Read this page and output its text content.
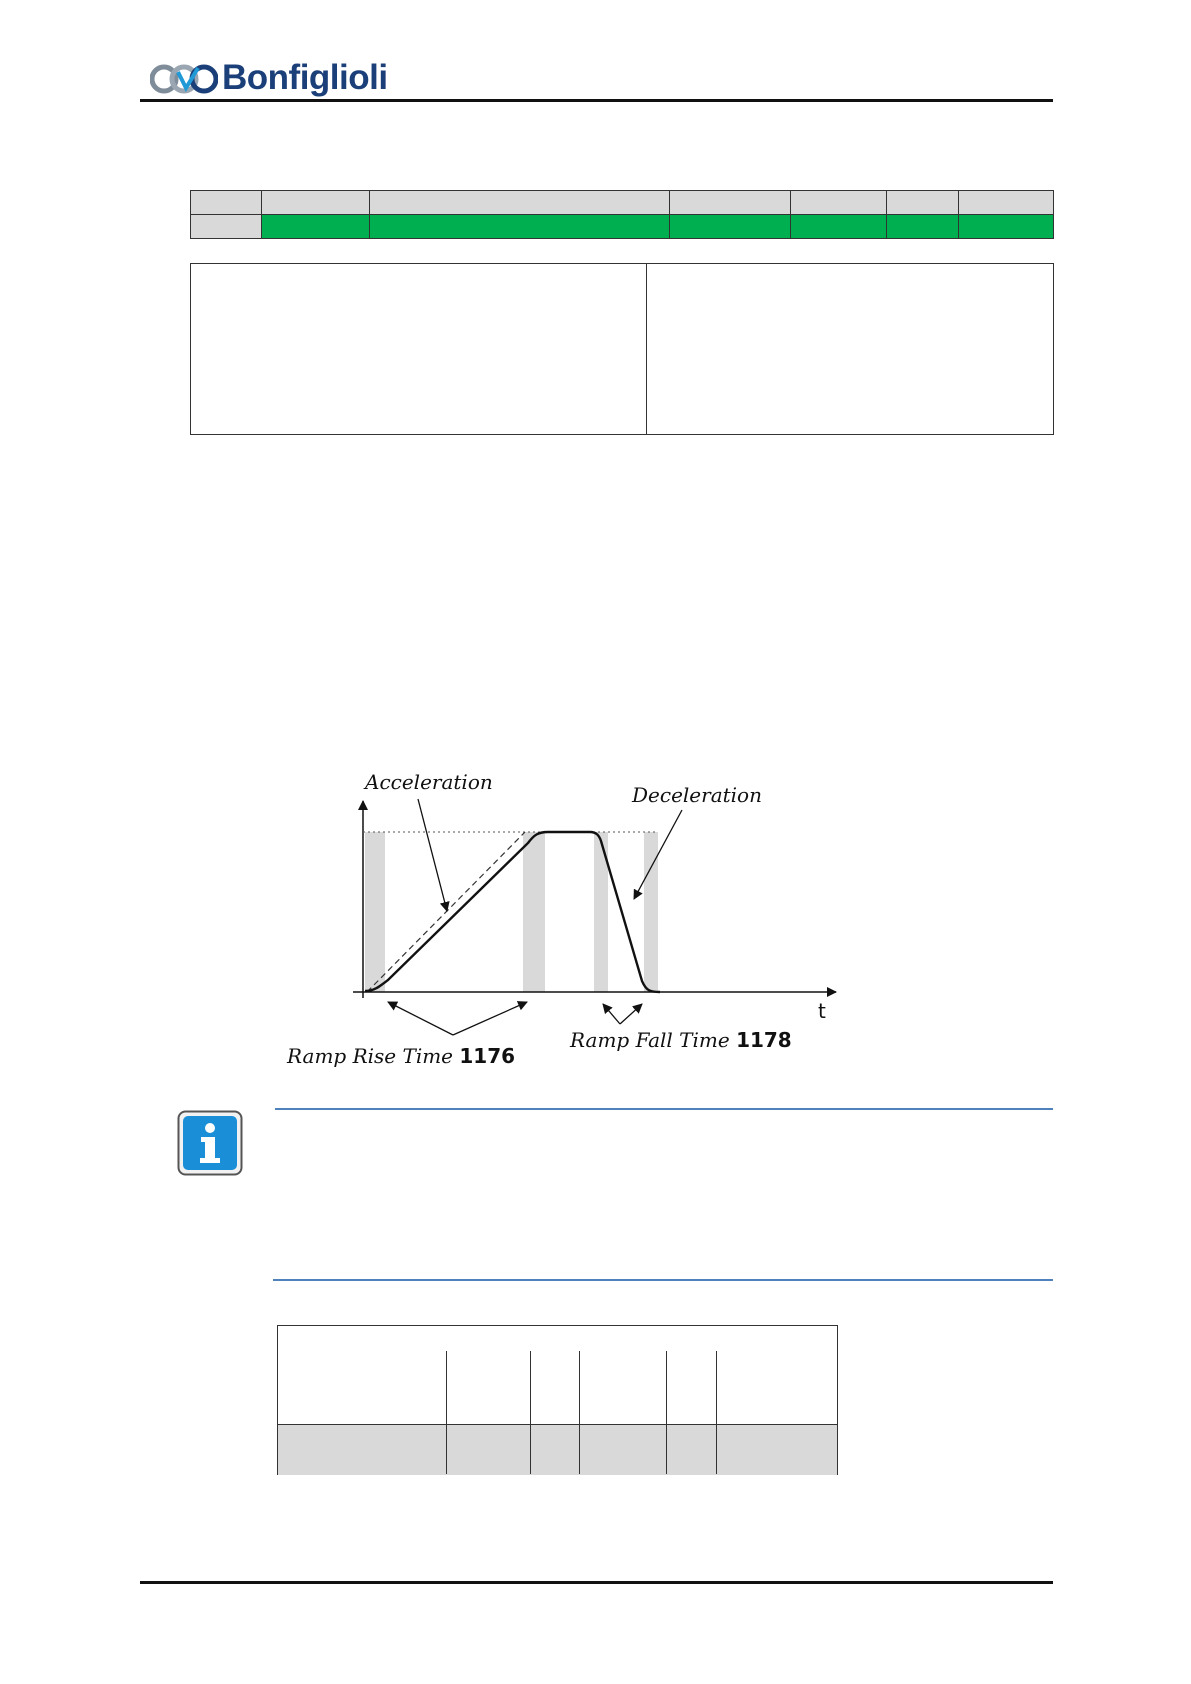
Bonfiglioli

Acceleration
Deceleration
t
Ramp Rise Time 1176
Ramp Fall Time 1178
